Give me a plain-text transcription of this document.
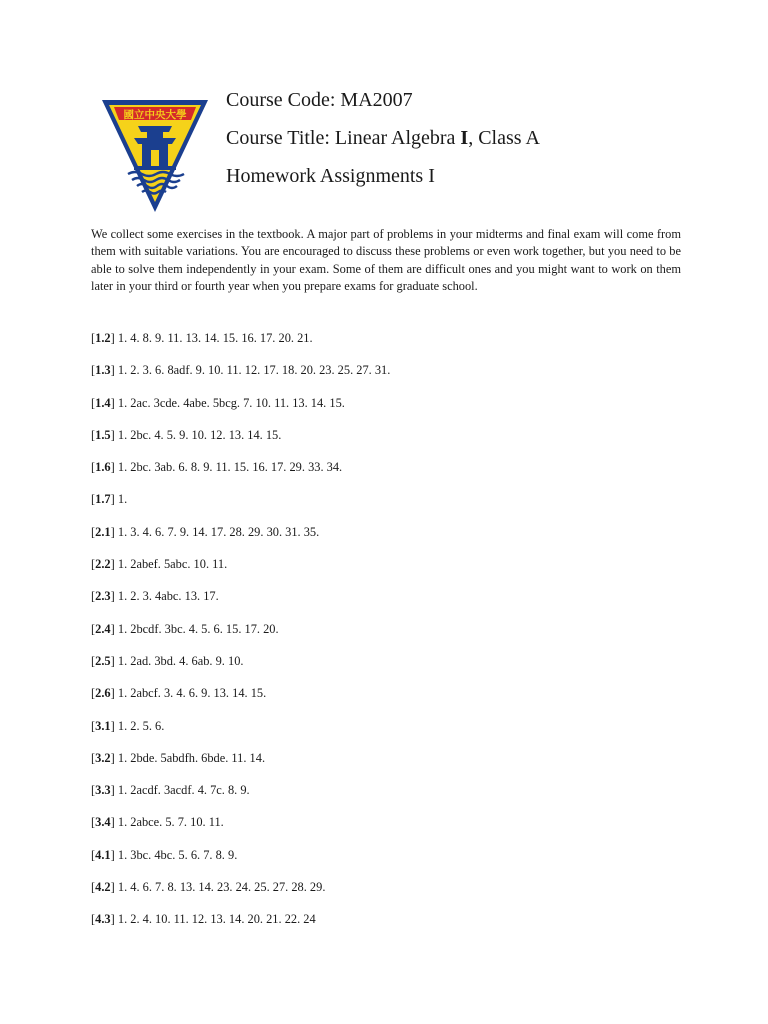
國立中央大學

Course Code: MA2007

Course Title: Linear Algebra I, Class A

Homework Assignments I

We collect some exercises in the textbook. A major part of problems in your midterms and final exam will come from them with suitable variations. You are encouraged to discuss these problems or even work together, but you need to be able to solve them independently in your exam. Some of them are difficult ones and you might want to work on them later in your third or fourth year when you prepare exams for graduate school.

[1.2] 1. 4. 8. 9. 11. 13. 14. 15. 16. 17. 20. 21.
[1.3] 1. 2. 3. 6. 8adf. 9. 10. 11. 12. 17. 18. 20. 23. 25. 27. 31.
[1.4] 1. 2ac. 3cde. 4abe. 5bcg. 7. 10. 11. 13. 14. 15.
[1.5] 1. 2bc. 4. 5. 9. 10. 12. 13. 14. 15.
[1.6] 1. 2bc. 3ab. 6. 8. 9. 11. 15. 16. 17. 29. 33. 34.
[1.7] 1.
[2.1] 1. 3. 4. 6. 7. 9. 14. 17. 28. 29. 30. 31. 35.
[2.2] 1. 2abef. 5abc. 10. 11.
[2.3] 1. 2. 3. 4abc. 13. 17.
[2.4] 1. 2bcdf. 3bc. 4. 5. 6. 15. 17. 20.
[2.5] 1. 2ad. 3bd. 4. 6ab. 9. 10.
[2.6] 1. 2abcf. 3. 4. 6. 9. 13. 14. 15.
[3.1] 1. 2. 5. 6.
[3.2] 1. 2bde. 5abdfh. 6bde. 11. 14.
[3.3] 1. 2acdf. 3acdf. 4. 7c. 8. 9.
[3.4] 1. 2abce. 5. 7. 10. 11.
[4.1] 1. 3bc. 4bc. 5. 6. 7. 8. 9.
[4.2] 1. 4. 6. 7. 8. 13. 14. 23. 24. 25. 27. 28. 29.
[4.3] 1. 2. 4. 10. 11. 12. 13. 14. 20. 21. 22. 24
